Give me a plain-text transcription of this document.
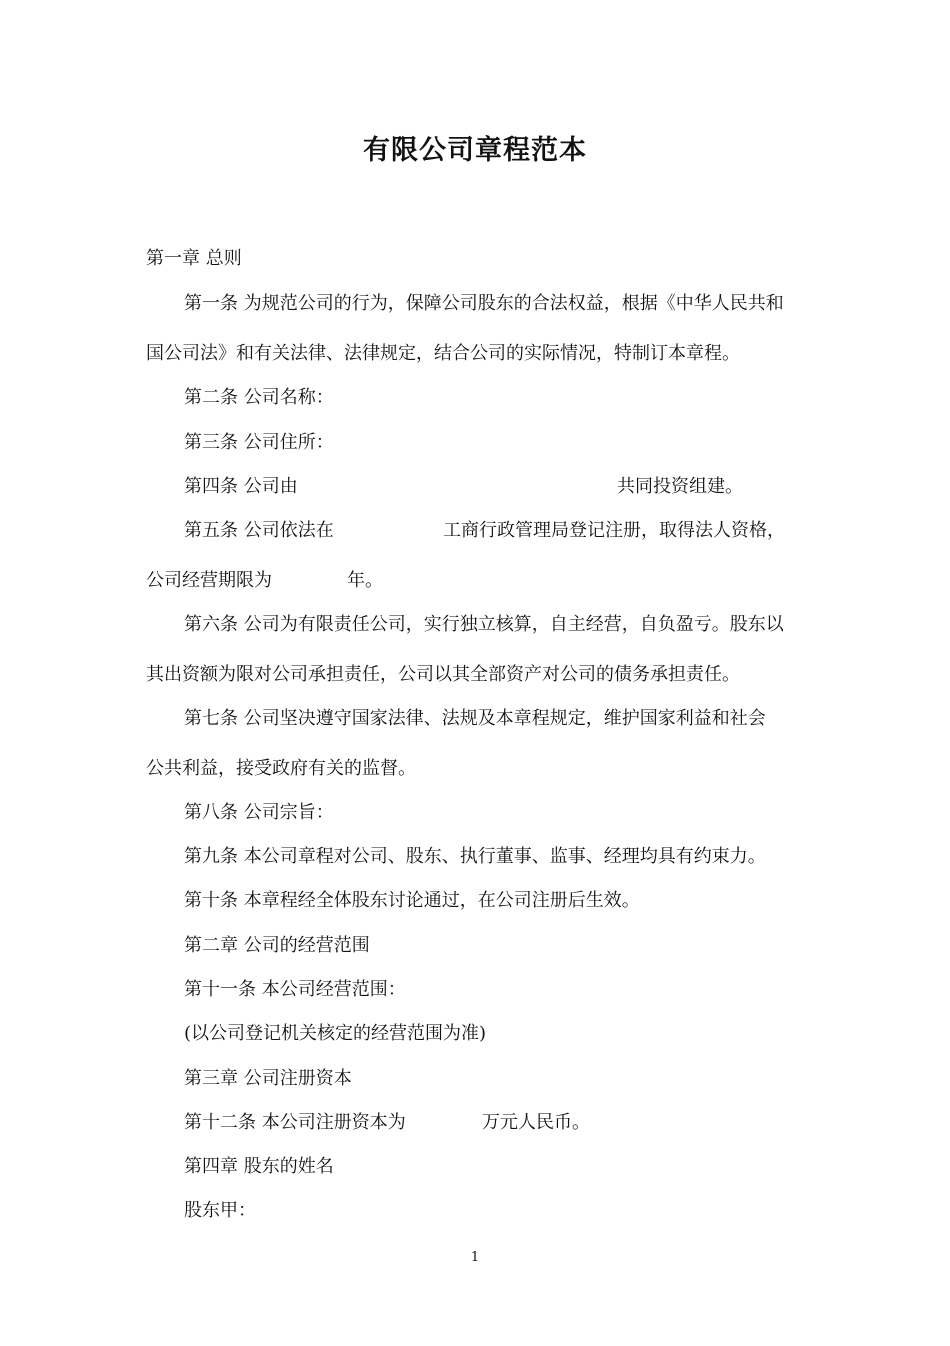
有限公司章程范本
第一章 总则
第一条 为规范公司的行为，保障公司股东的合法权益，根据《中华人民共和
国公司法》和有关法律、法律规定，结合公司的实际情况，特制订本章程。
第二条 公司名称：
第三条 公司住所：
第四条 公司由	共同投资组建。
第五条 公司依法在	工商行政管理局登记注册，取得法人资格，
公司经营期限为	年。
第六条 公司为有限责任公司，实行独立核算，自主经营，自负盈亏。股东以
其出资额为限对公司承担责任，公司以其全部资产对公司的债务承担责任。
第七条 公司坚决遵守国家法律、法规及本章程规定，维护国家利益和社会
公共利益，接受政府有关的监督。
第八条 公司宗旨：
第九条 本公司章程对公司、股东、执行董事、监事、经理均具有约束力。
第十条 本章程经全体股东讨论通过，在公司注册后生效。
第二章 公司的经营范围
第十一条 本公司经营范围：
(以公司登记机关核定的经营范围为准)
第三章 公司注册资本
第十二条 本公司注册资本为	万元人民币。
第四章 股东的姓名
股东甲：
1
